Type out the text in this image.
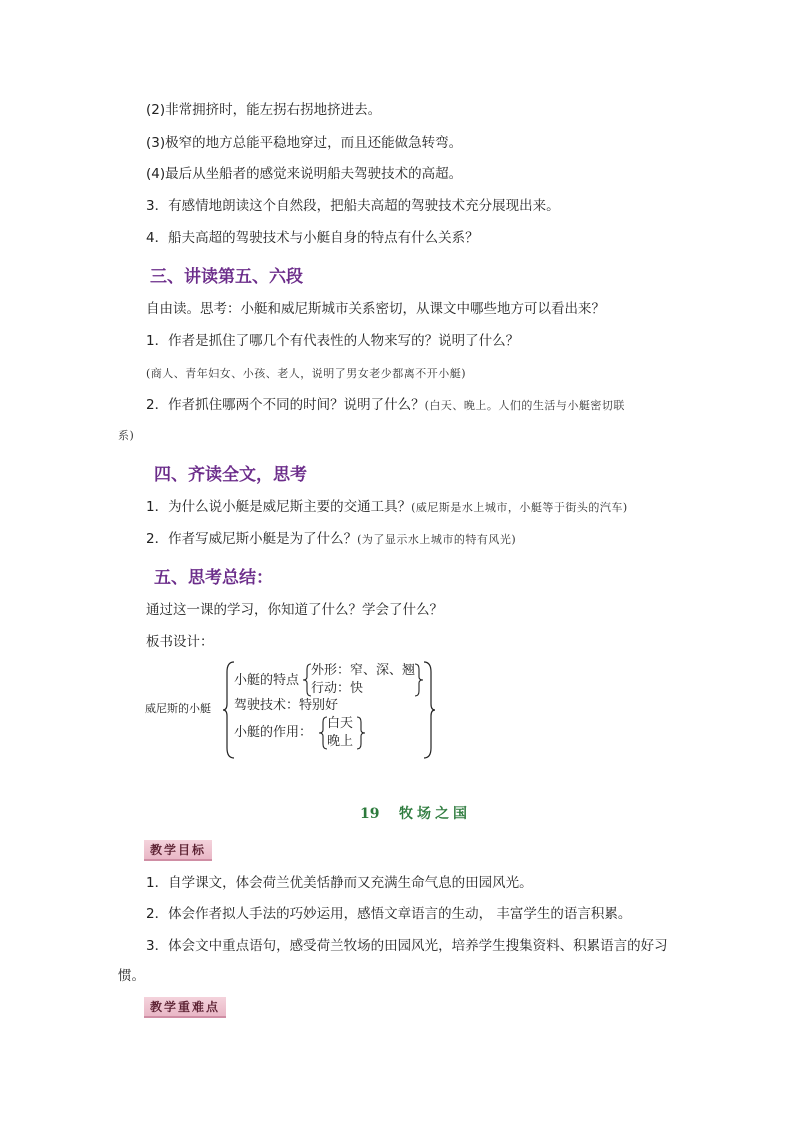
(2)非常拥挤时，能左拐右拐地挤进去。
(3)极窄的地方总能平稳地穿过，而且还能做急转弯。
(4)最后从坐船者的感觉来说明船夫驾驶技术的高超。
3．有感情地朗读这个自然段，把船夫高超的驾驶技术充分展现出来。
4．船夫高超的驾驶技术与小艇自身的特点有什么关系？
三、讲读第五、六段
自由读。思考：小艇和威尼斯城市关系密切，从课文中哪些地方可以看出来？
1．作者是抓住了哪几个有代表性的人物来写的？说明了什么？
(商人、青年妇女、小孩、老人，说明了男女老少都离不开小艇)
2．作者抓住哪两个不同的时间？说明了什么？(白天、晚上。人们的生活与小艇密切联
系)
四、齐读全文，思考
1．为什么说小艇是威尼斯主要的交通工具？(威尼斯是水上城市，小艇等于街头的汽车)
2．作者写威尼斯小艇是为了什么？(为了显示水上城市的特有风光)
五、思考总结：
通过这一课的学习，你知道了什么？学会了什么？
板书设计：
威尼斯的小艇
小艇的特点
外形：窄、深、翘
行动：快
驾驶技术：特别好
小艇的作用：
白天
晚上
19 牧场之国
教学目标
1．自学课文，体会荷兰优美恬静而又充满生命气息的田园风光。
2．体会作者拟人手法的巧妙运用，感悟文章语言的生动， 丰富学生的语言积累。
3．体会文中重点语句，感受荷兰牧场的田园风光，培养学生搜集资料、积累语言的好习
惯。
教学重难点
